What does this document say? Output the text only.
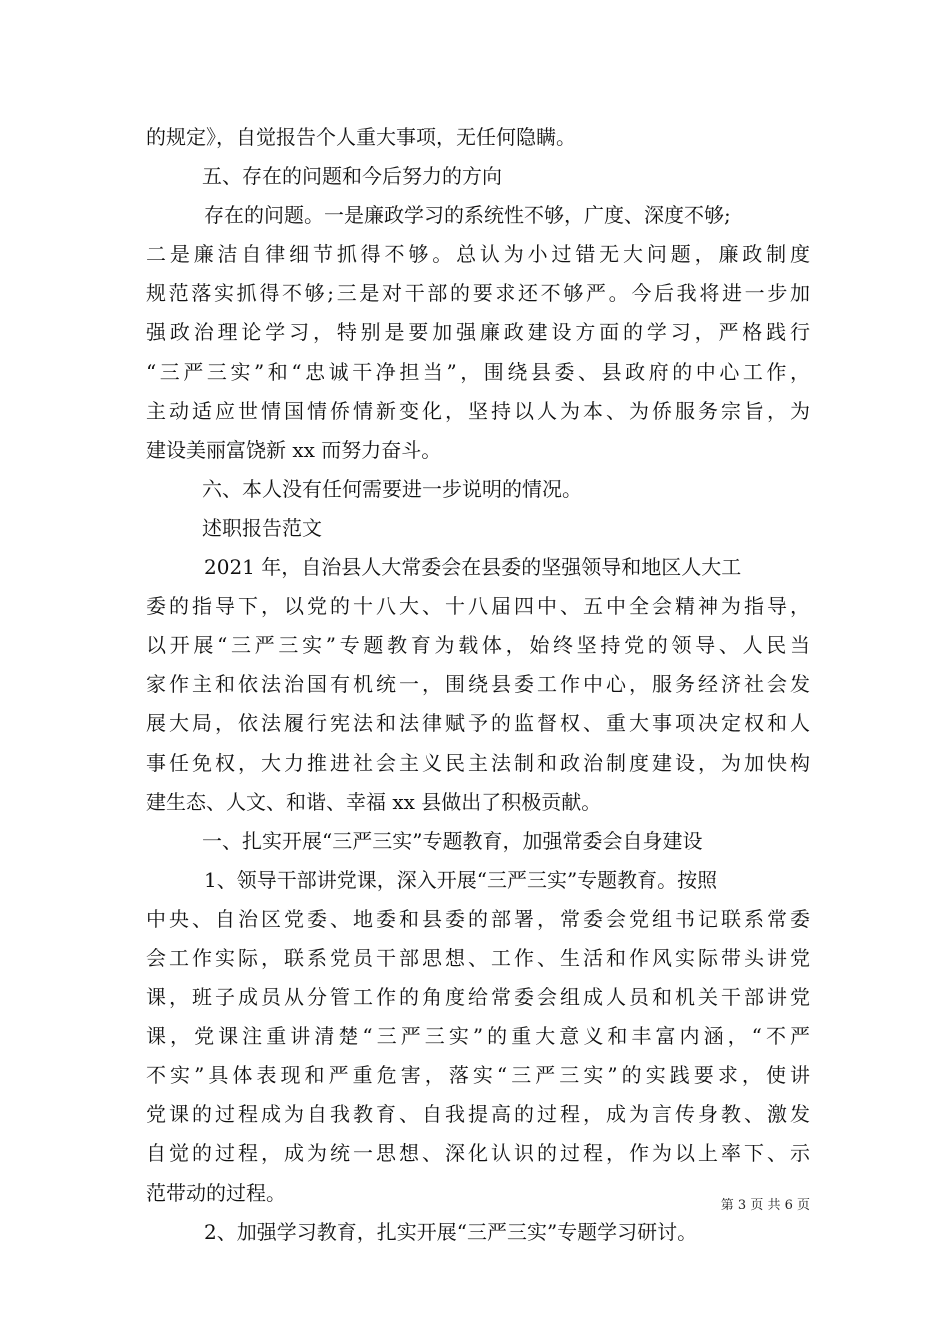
的规定》，自觉报告个人重大事项，无任何隐瞒。
五、存在的问题和今后努力的方向
存在的问题。一是廉政学习的系统性不够，广度、深度不够;
二是廉洁自律细节抓得不够。总认为小过错无大问题，廉政制度
规范落实抓得不够;三是对干部的要求还不够严。今后我将进一步加
强政治理论学习，特别是要加强廉政建设方面的学习，严格践行
“三严三实”和“忠诚干净担当”，围绕县委、县政府的中心工作，
主动适应世情国情侨情新变化，坚持以人为本、为侨服务宗旨，为
建设美丽富饶新 xx 而努力奋斗。
六、本人没有任何需要进一步说明的情况。
述职报告范文
2021 年，自治县人大常委会在县委的坚强领导和地区人大工
委的指导下，以党的十八大、十八届四中、五中全会精神为指导，
以开展“三严三实”专题教育为载体，始终坚持党的领导、人民当
家作主和依法治国有机统一，围绕县委工作中心，服务经济社会发
展大局，依法履行宪法和法律赋予的监督权、重大事项决定权和人
事任免权，大力推进社会主义民主法制和政治制度建设，为加快构
建生态、人文、和谐、幸福 xx 县做出了积极贡献。
一、扎实开展“三严三实”专题教育，加强常委会自身建设
1、领导干部讲党课，深入开展“三严三实”专题教育。按照
中央、自治区党委、地委和县委的部署，常委会党组书记联系常委
会工作实际，联系党员干部思想、工作、生活和作风实际带头讲党
课，班子成员从分管工作的角度给常委会组成人员和机关干部讲党
课，党课注重讲清楚“三严三实”的重大意义和丰富内涵，“不严
不实”具体表现和严重危害，落实“三严三实”的实践要求，使讲
党课的过程成为自我教育、自我提高的过程，成为言传身教、激发
自觉的过程，成为统一思想、深化认识的过程，作为以上率下、示
范带动的过程。
2、加强学习教育，扎实开展“三严三实”专题学习研讨。
第 3 页 共 6 页
